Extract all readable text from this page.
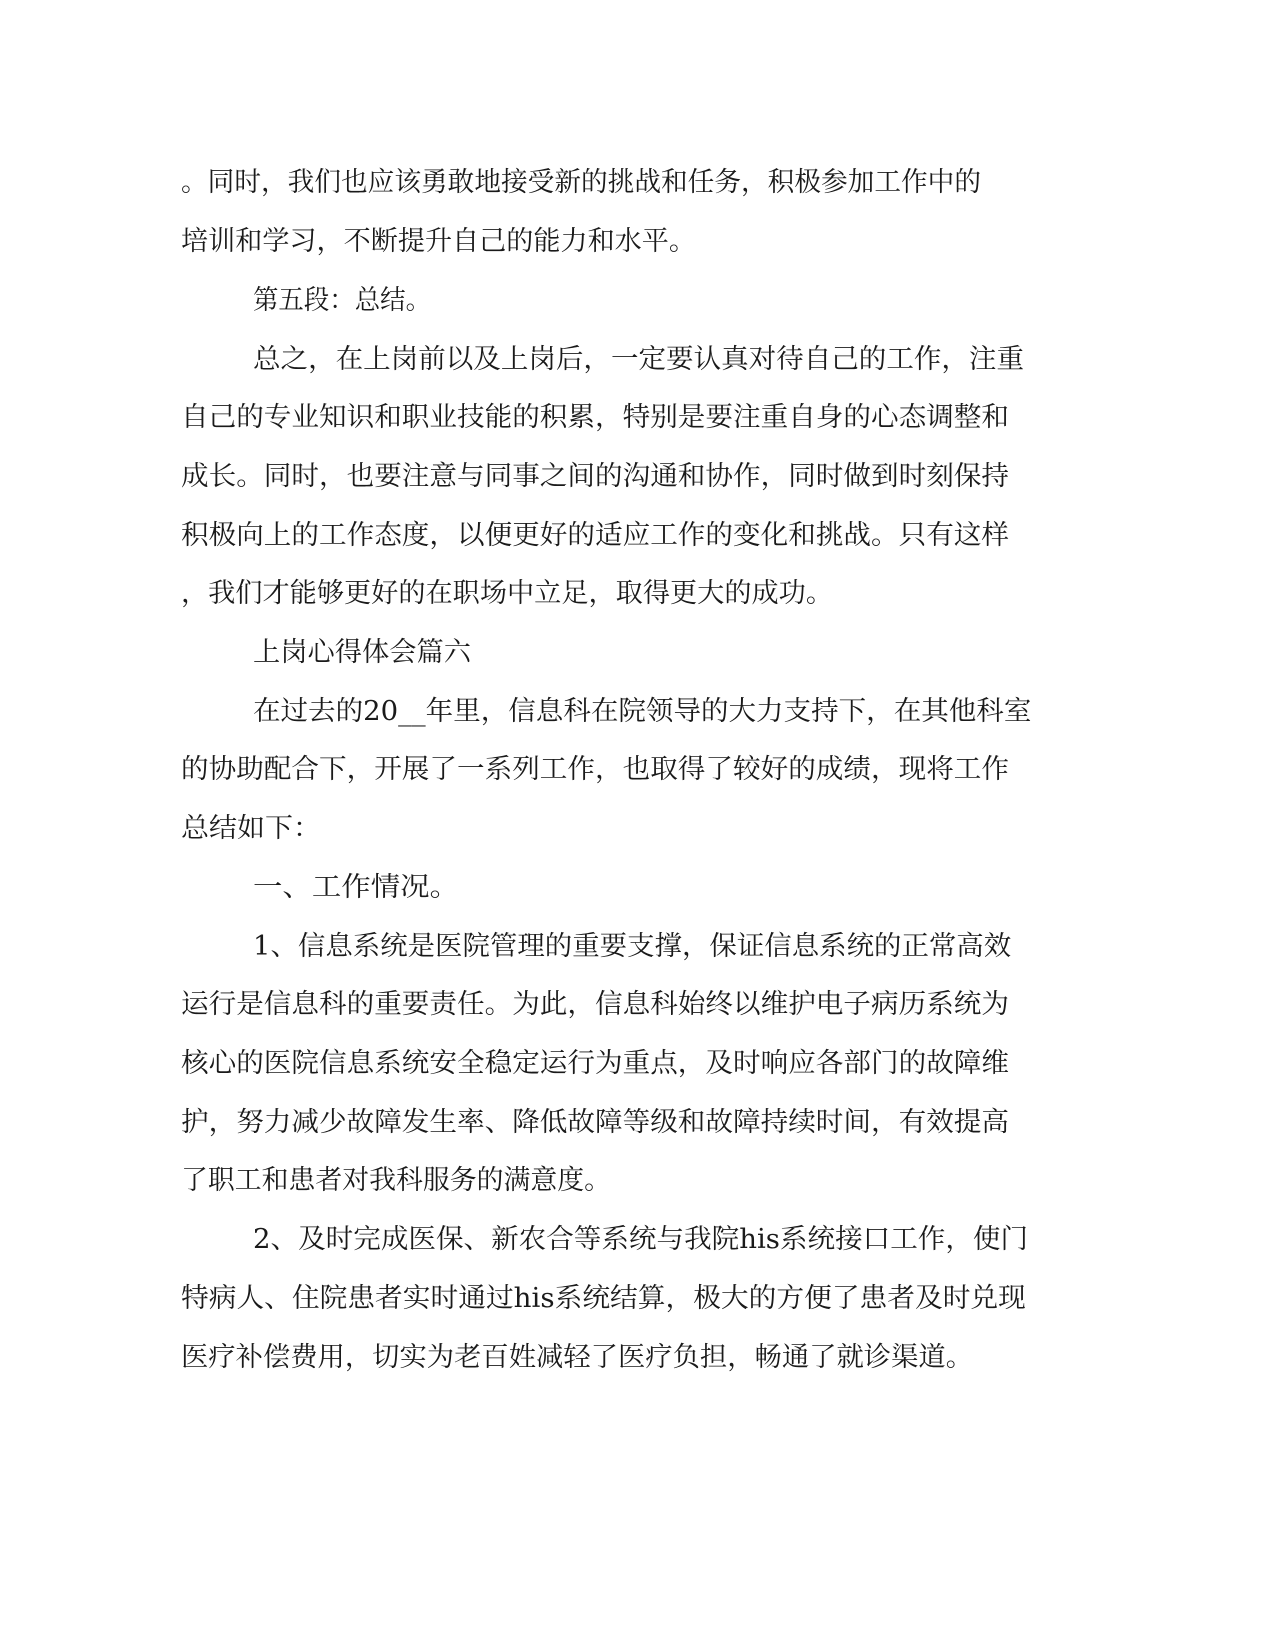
。同时，我们也应该勇敢地接受新的挑战和任务，积极参加工作中的
培训和学习，不断提升自己的能力和水平。
第五段：总结。
总之，在上岗前以及上岗后，一定要认真对待自己的工作，注重
自己的专业知识和职业技能的积累，特别是要注重自身的心态调整和
成长。同时，也要注意与同事之间的沟通和协作，同时做到时刻保持
积极向上的工作态度，以便更好的适应工作的变化和挑战。只有这样
，我们才能够更好的在职场中立足，取得更大的成功。
上岗心得体会篇六
在过去的20__年里，信息科在院领导的大力支持下，在其他科室
的协助配合下，开展了一系列工作，也取得了较好的成绩，现将工作
总结如下：
一、工作情况。
1、信息系统是医院管理的重要支撑，保证信息系统的正常高效
运行是信息科的重要责任。为此，信息科始终以维护电子病历系统为
核心的医院信息系统安全稳定运行为重点，及时响应各部门的故障维
护，努力减少故障发生率、降低故障等级和故障持续时间，有效提高
了职工和患者对我科服务的满意度。
2、及时完成医保、新农合等系统与我院his系统接口工作，使门
特病人、住院患者实时通过his系统结算，极大的方便了患者及时兑现
医疗补偿费用，切实为老百姓减轻了医疗负担，畅通了就诊渠道。
